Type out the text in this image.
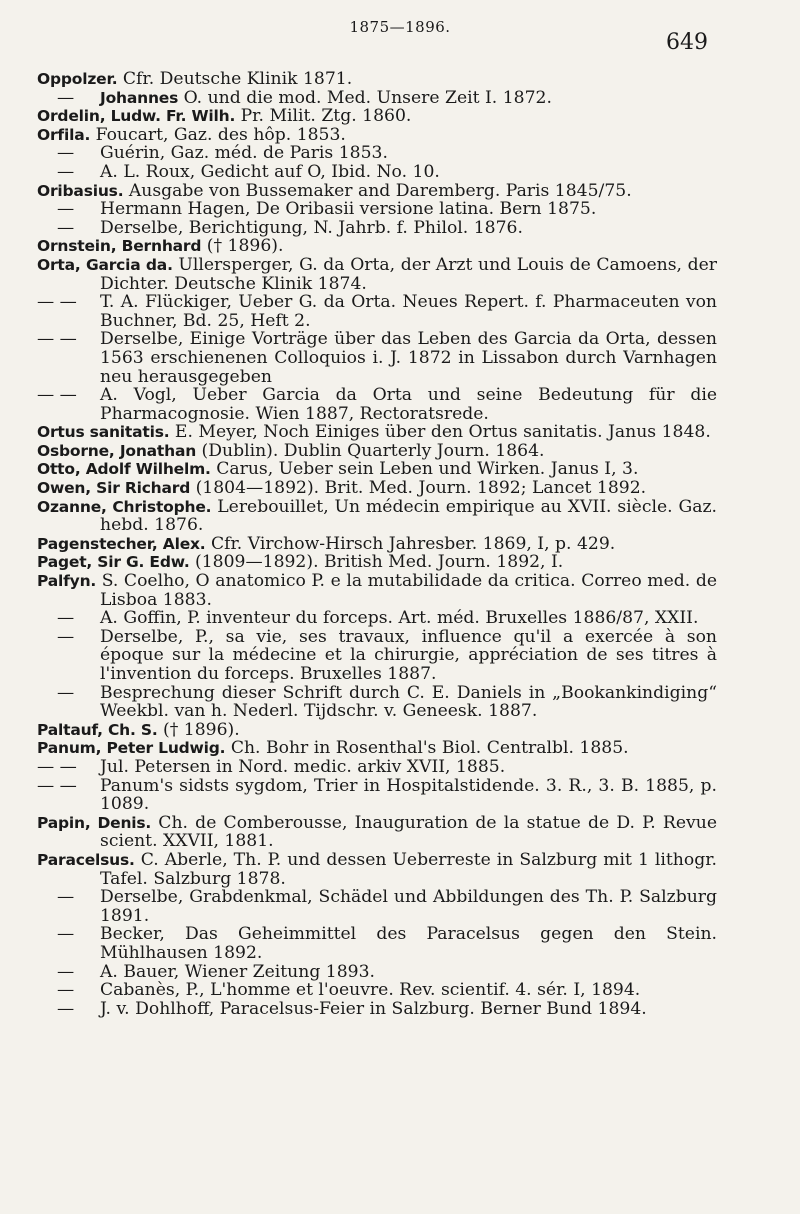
1875—1896.
649
Oppolzer. Cfr. Deutsche Klinik 1871.
— Johannes O. und die mod. Med. Unsere Zeit I. 1872.
Ordelin, Ludw. Fr. Wilh. Pr. Milit. Ztg. 1860.
Orfila. Foucart, Gaz. des hôp. 1853.
— Guérin, Gaz. méd. de Paris 1853.
— A. L. Roux, Gedicht auf O, Ibid. No. 10.
Oribasius. Ausgabe von Bussemaker and Daremberg. Paris 1845/75.
— Hermann Hagen, De Oribasii versione latina. Bern 1875.
— Derselbe, Berichtigung, N. Jahrb. f. Philol. 1876.
Ornstein, Bernhard († 1896).
Orta, Garcia da. Ullersperger, G. da Orta, der Arzt und Louis de Camoens, der Dichter. Deutsche Klinik 1874.
— — T. A. Flückiger, Ueber G. da Orta. Neues Repert. f. Pharmaceuten von Buchner, Bd. 25, Heft 2.
— — Derselbe, Einige Vorträge über das Leben des Garcia da Orta, dessen 1563 erschienenen Colloquios i. J. 1872 in Lissabon durch Varnhagen neu herausgegeben
— — A. Vogl, Ueber Garcia da Orta und seine Bedeutung für die Pharmacognosie. Wien 1887, Rectoratsrede.
Ortus sanitatis. E. Meyer, Noch Einiges über den Ortus sanitatis. Janus 1848.
Osborne, Jonathan (Dublin). Dublin Quarterly Journ. 1864.
Otto, Adolf Wilhelm. Carus, Ueber sein Leben und Wirken. Janus I, 3.
Owen, Sir Richard (1804—1892). Brit. Med. Journ. 1892; Lancet 1892.
Ozanne, Christophe. Lerebouillet, Un médecin empirique au XVII. siècle. Gaz. hebd. 1876.
Pagenstecher, Alex. Cfr. Virchow-Hirsch Jahresber. 1869, I, p. 429.
Paget, Sir G. Edw. (1809—1892). British Med. Journ. 1892, I.
Palfyn. S. Coelho, O anatomico P. e la mutabilidade da critica. Correo med. de Lisboa 1883.
— A. Goffin, P. inventeur du forceps. Art. méd. Bruxelles 1886/87, XXII.
— Derselbe, P., sa vie, ses travaux, influence qu'il a exercée à son époque sur la médecine et la chirurgie, appréciation de ses titres à l'invention du forceps. Bruxelles 1887.
— Besprechung dieser Schrift durch C. E. Daniels in „Bookankindiging“ Weekbl. van h. Nederl. Tijdschr. v. Geneesk. 1887.
Paltauf, Ch. S. († 1896).
Panum, Peter Ludwig. Ch. Bohr in Rosenthal's Biol. Centralbl. 1885.
— — Jul. Petersen in Nord. medic. arkiv XVII, 1885.
— — Panum's sidsts sygdom, Trier in Hospitalstidende. 3. R., 3. B. 1885, p. 1089.
Papin, Denis. Ch. de Comberousse, Inauguration de la statue de D. P. Revue scient. XXVII, 1881.
Paracelsus. C. Aberle, Th. P. und dessen Ueberreste in Salzburg mit 1 lithogr. Tafel. Salzburg 1878.
— Derselbe, Grabdenkmal, Schädel und Abbildungen des Th. P. Salzburg 1891.
— Becker, Das Geheimmittel des Paracelsus gegen den Stein. Mühlhausen 1892.
— A. Bauer, Wiener Zeitung 1893.
— Cabanès, P., L'homme et l'oeuvre. Rev. scientif. 4. sér. I, 1894.
— J. v. Dohlhoff, Paracelsus-Feier in Salzburg. Berner Bund 1894.
